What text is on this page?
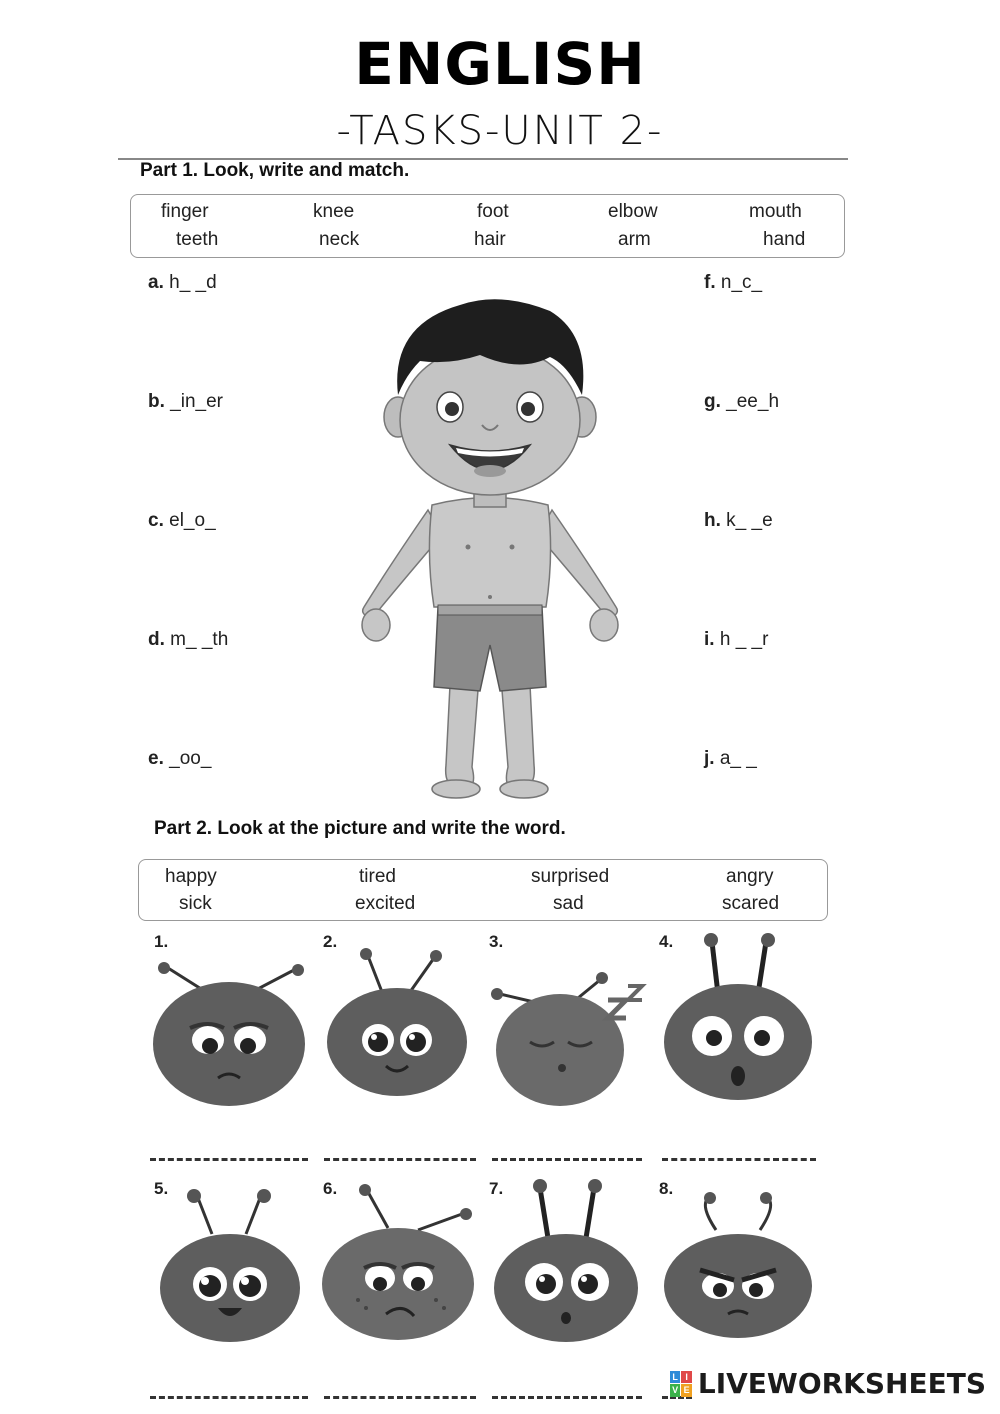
ENGLISH
-TASKS-UNIT 2-
Part 1. Look, write and match.
finger	knee	foot	elbow	mouth
teeth	neck	hair	arm	hand
a. h_ _d
b. _in_er
c. el_o_
d. m_ _th
e. _oo_
f. n_c_
g. _ee_h
h. k_ _e
i. h _ _r
j. a_ _
Part 2. Look at the picture and write the word.
happy	tired	surprised	angry
sick	excited	sad	scared
1.	2.	3.	4.
5.	6.	7.	8.
L I
V E LIVEWORKSHEETS
